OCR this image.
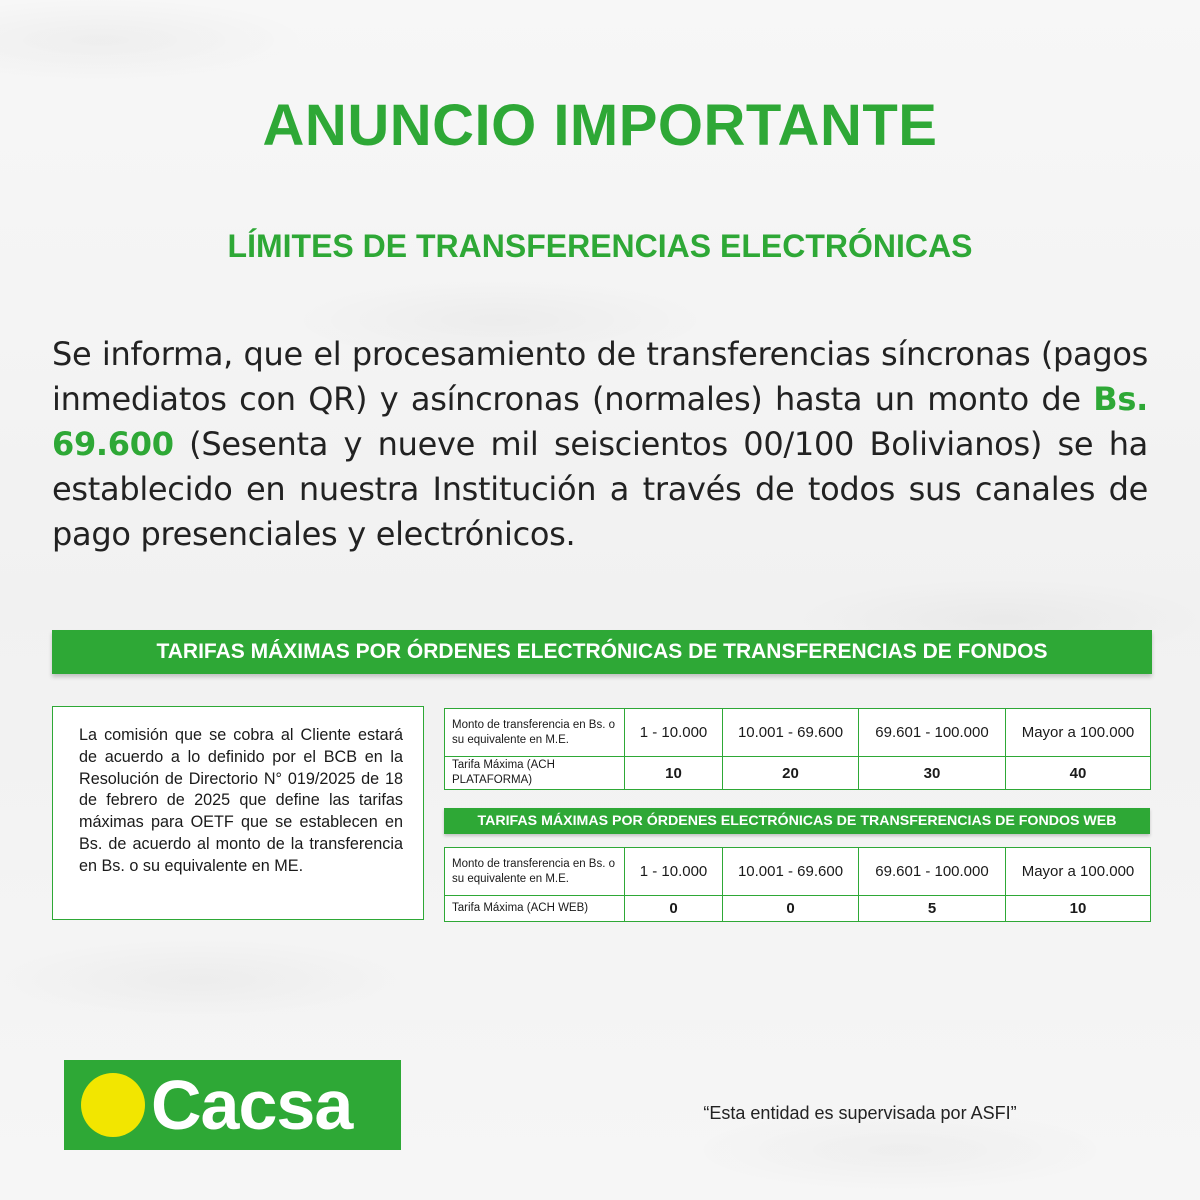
ANUNCIO IMPORTANTE
LÍMITES DE TRANSFERENCIAS ELECTRÓNICAS

Se informa, que el procesamiento de transferencias síncronas (pagos inmediatos con QR) y asíncronas (normales) hasta un monto de Bs. 69.600 (Sesenta y nueve mil seiscientos 00/100 Bolivianos) se ha establecido en nuestra Institución a través de todos sus canales de pago presenciales y electrónicos.

TARIFAS MÁXIMAS POR ÓRDENES ELECTRÓNICAS DE TRANSFERENCIAS DE FONDOS
La comisión que se cobra al Cliente estará de acuerdo a lo definido por el BCB en la Resolución de Directorio N° 019/2025 de 18 de febrero de 2025 que define las tarifas máximas para OETF que se establecen en Bs. de acuerdo al monto de la transferencia en Bs. o su equivalente en ME.
Monto de transferencia en Bs. o su equivalente en M.E.	1 - 10.000	10.001 - 69.600	69.601 - 100.000	Mayor a 100.000
Tarifa Máxima (ACH PLATAFORMA)	10	20	30	40
TARIFAS MÁXIMAS POR ÓRDENES ELECTRÓNICAS DE TRANSFERENCIAS DE FONDOS WEB
Monto de transferencia en Bs. o su equivalente en M.E.	1 - 10.000	10.001 - 69.600	69.601 - 100.000	Mayor a 100.000
Tarifa Máxima (ACH WEB)	0	0	5	10
Cacsa	“Esta entidad es supervisada por ASFI”
